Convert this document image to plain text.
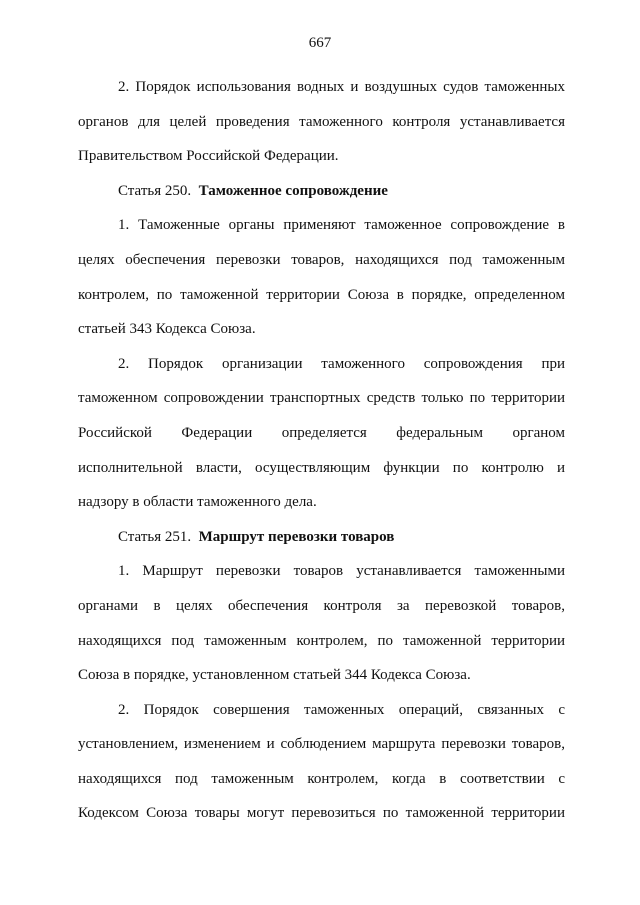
667
2. Порядок использования водных и воздушных судов таможенных
органов для целей проведения таможенного контроля устанавливается
Правительством Российской Федерации.
Статья 250. Таможенное сопровождение
1. Таможенные органы применяют таможенное сопровождение в
целях обеспечения перевозки товаров, находящихся под таможенным
контролем, по таможенной территории Союза в порядке, определенном
статьей 343 Кодекса Союза.
2. Порядок организации таможенного сопровождения при
таможенном сопровождении транспортных средств только по территории
Российской Федерации определяется федеральным органом
исполнительной власти, осуществляющим функции по контролю и
надзору в области таможенного дела.
Статья 251. Маршрут перевозки товаров
1. Маршрут перевозки товаров устанавливается таможенными
органами в целях обеспечения контроля за перевозкой товаров,
находящихся под таможенным контролем, по таможенной территории
Союза в порядке, установленном статьей 344 Кодекса Союза.
2. Порядок совершения таможенных операций, связанных с
установлением, изменением и соблюдением маршрута перевозки товаров,
находящихся под таможенным контролем, когда в соответствии с
Кодексом Союза товары могут перевозиться по таможенной территории
